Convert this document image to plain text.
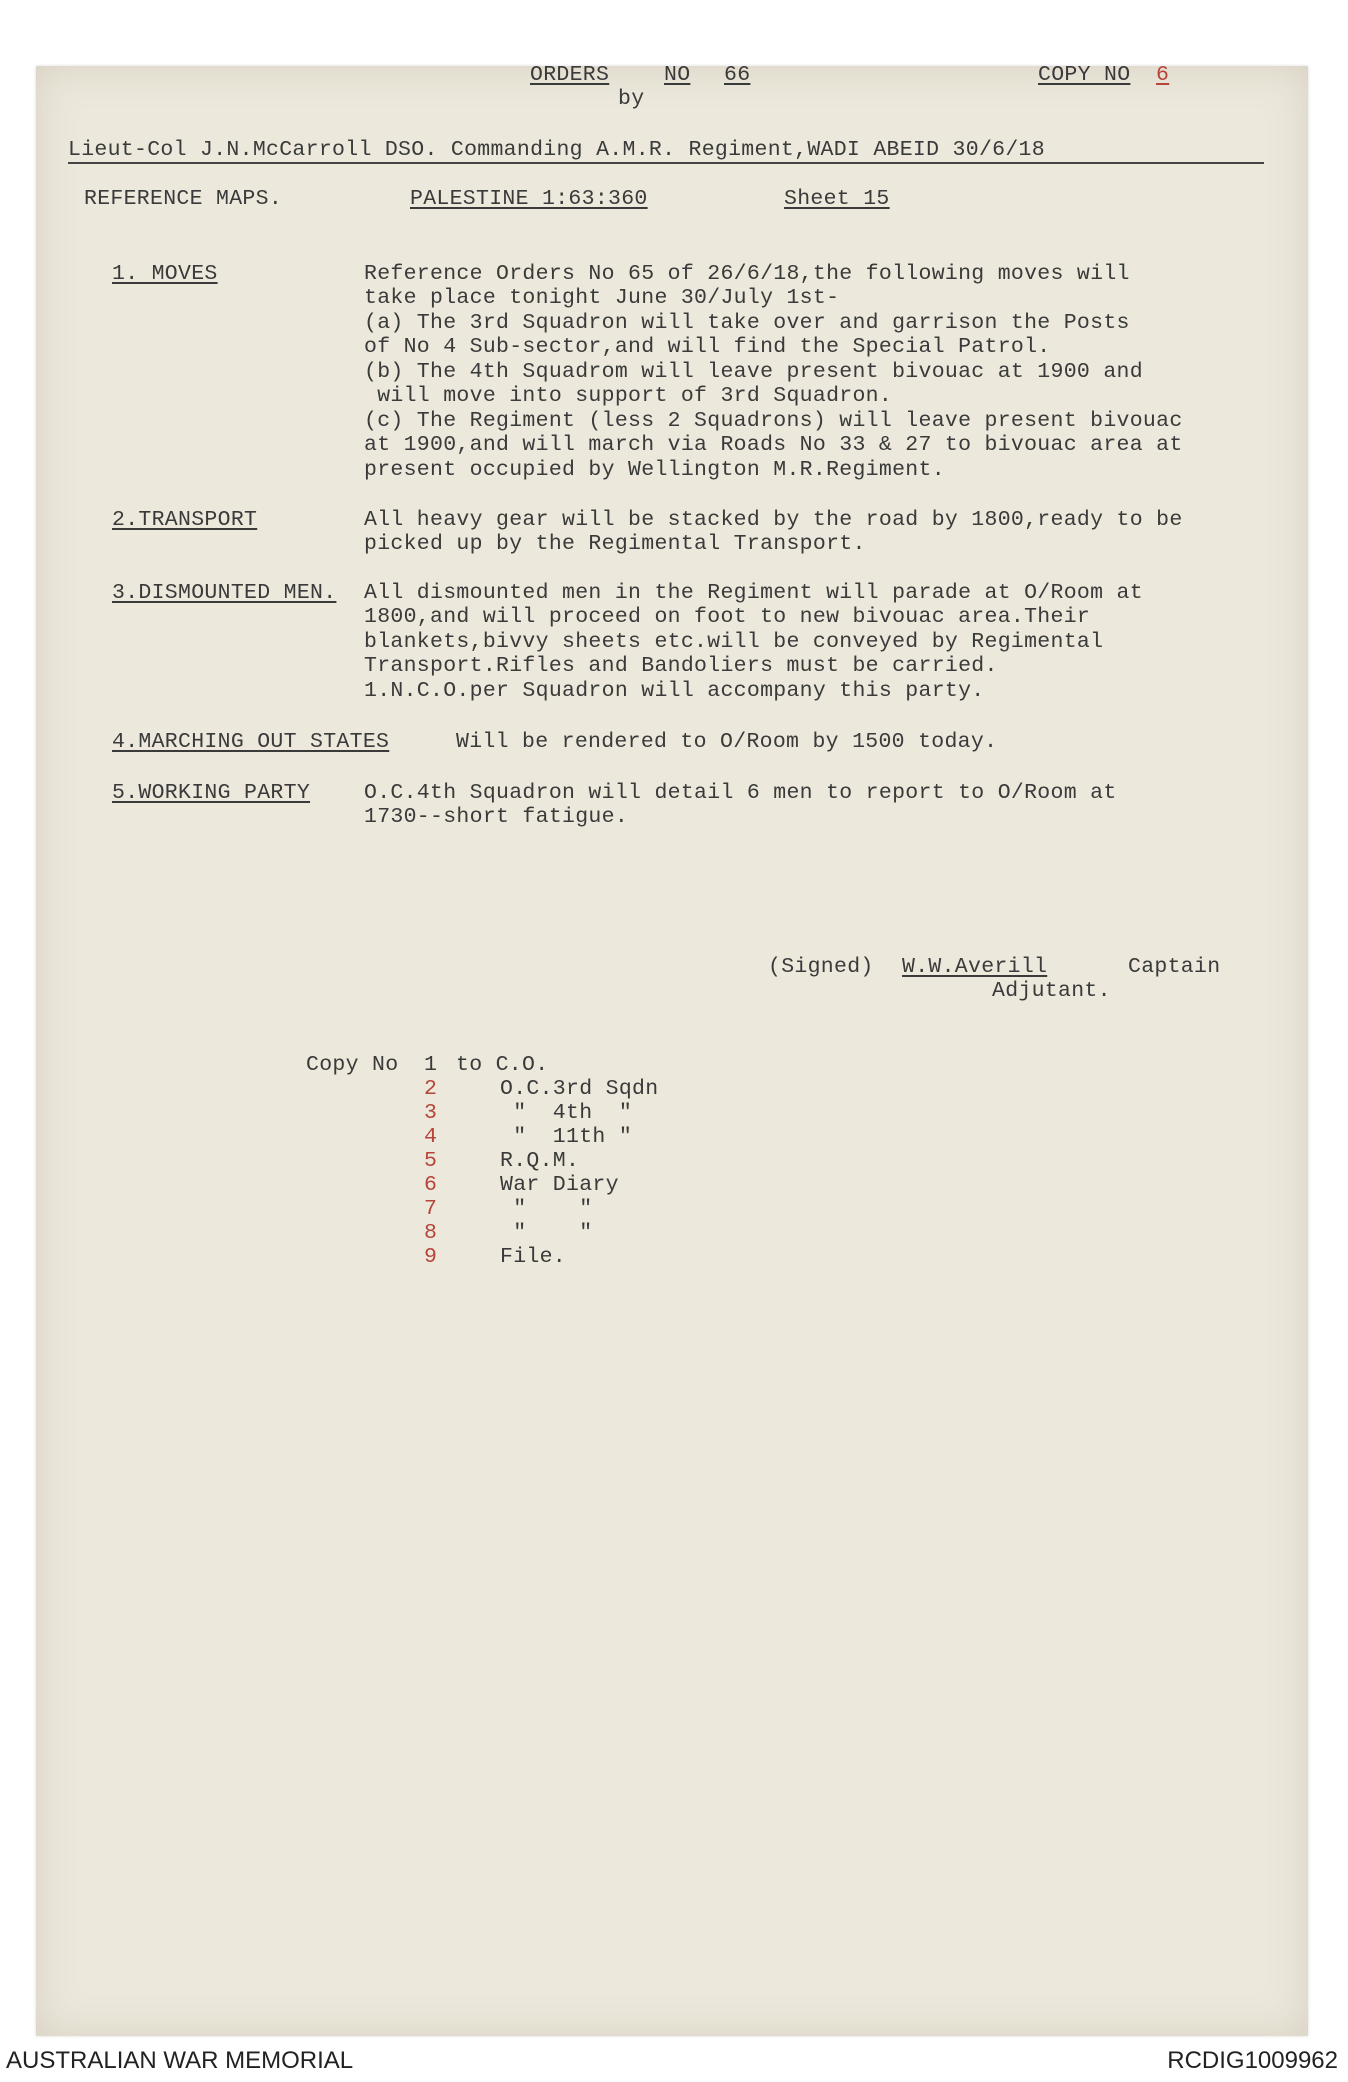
ORDERS	NO 66	COPY NO 6
by
Lieut-Col J.N.McCarroll DSO. Commanding A.M.R. Regiment,WADI ABEID 30/6/18
REFERENCE MAPS.	PALESTINE 1:63:360	Sheet 15
1. MOVES	Reference Orders No 65 of 26/6/18,the following moves will
take place tonight June 30/July 1st-
(a) The 3rd Squadron will take over and garrison the Posts
of No 4 Sub-sector,and will find the Special Patrol.
(b) The 4th Squadrom will leave present bivouac at 1900 and
will move into support of 3rd Squadron.
(c) The Regiment (less 2 Squadrons) will leave present bivouac
at 1900,and will march via Roads No 33 & 27 to bivouac area at
present occupied by Wellington M.R.Regiment.
2.TRANSPORT	All heavy gear will be stacked by the road by 1800,ready to be
picked up by the Regimental Transport.
3.DISMOUNTED MEN. All dismounted men in the Regiment will parade at O/Room at
1800,and will proceed on foot to new bivouac area.Their
blankets,bivvy sheets etc.will be conveyed by Regimental
Transport.Rifles and Bandoliers must be carried.
1.N.C.O.per Squadron will accompany this party.
4.MARCHING OUT STATES	Will be rendered to O/Room by 1500 today.
5.WORKING PARTY	O.C.4th Squadron will detail 6 men to report to O/Room at
1730--short fatigue.
(Signed) W.W.Averill	Captain
Adjutant.
Copy No 1 to C.O.
2	O.C.3rd Sqdn
3	"  4th  "
4	"  11th "
5	R.Q.M.
6	War Diary
7	"    "
8	"    "
9	File.
AUSTRALIAN WAR MEMORIAL	RCDIG1009962
